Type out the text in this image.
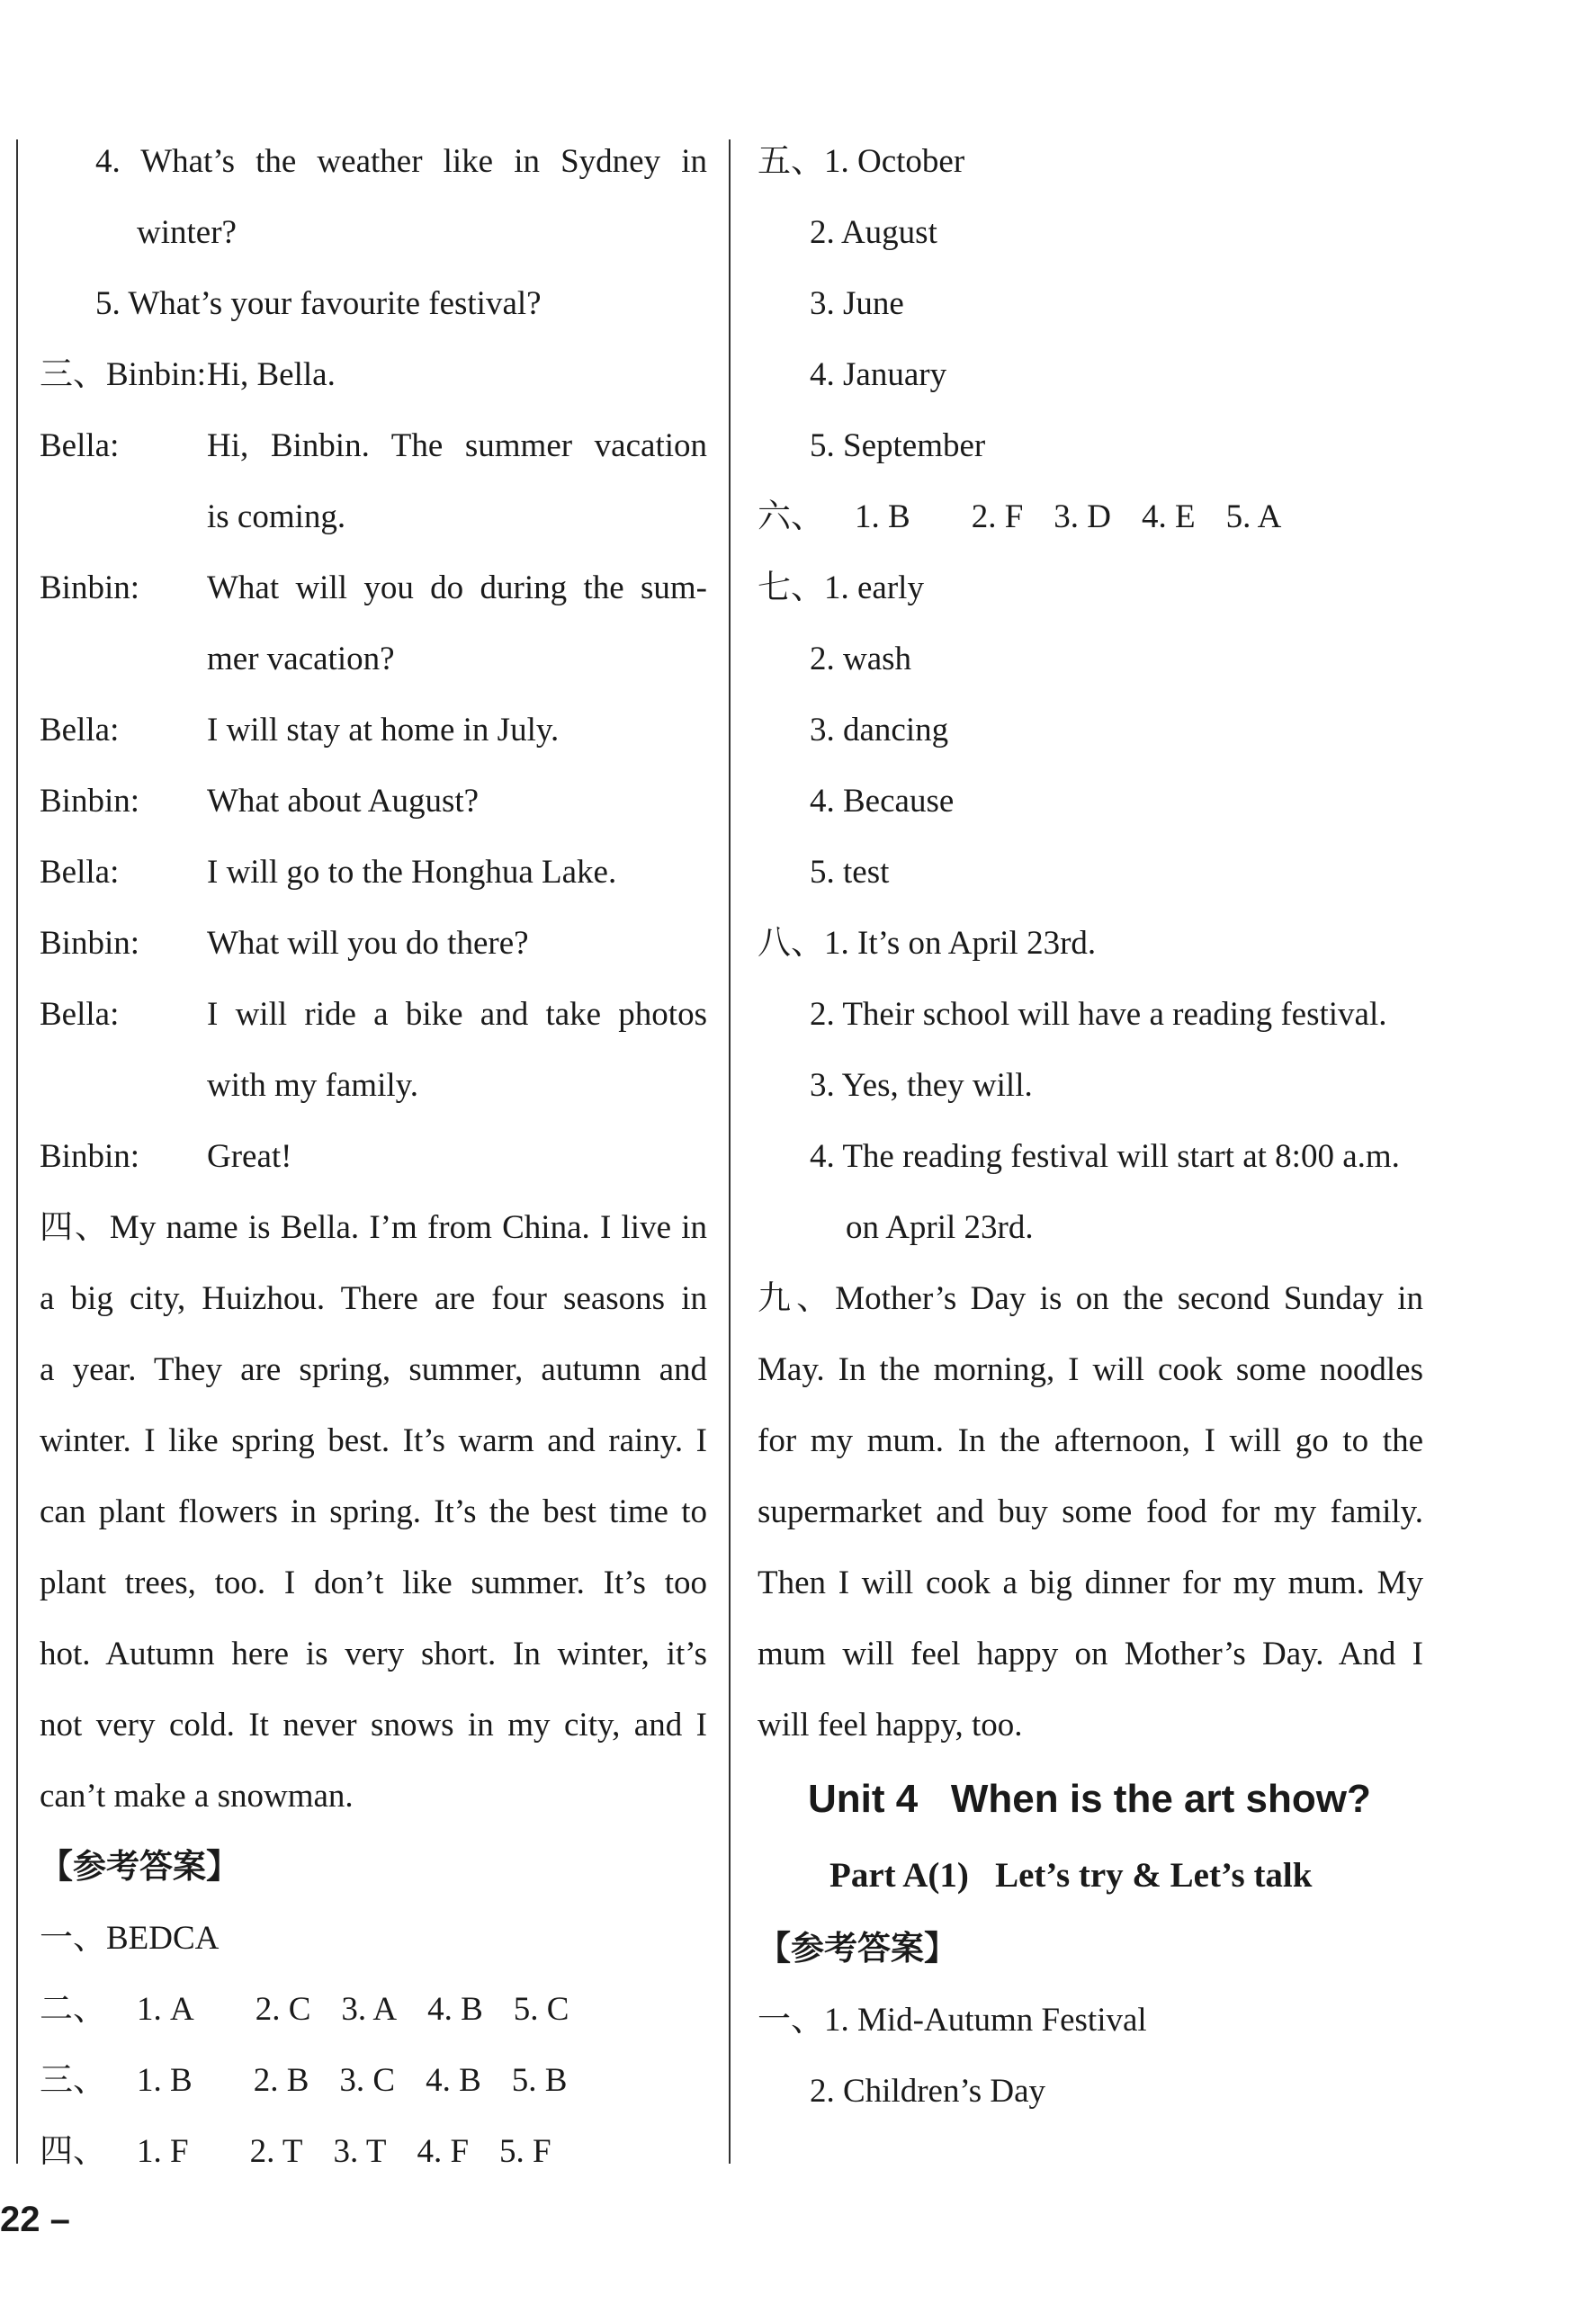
4. What’s the weather like in Sydney in
winter?
5. What’s your favourite festival?
三、Binbin: Hi, Bella.
Bella:	Hi, Binbin. The summer vacation
is coming.
Binbin:	What will you do during the sum-
mer vacation?
Bella:	I will stay at home in July.
Binbin:	What about August?
Bella:	I will go to the Honghua Lake.
Binbin:	What will you do there?
Bella:	I will ride a bike and take photos
with my family.
Binbin:	Great!
四、My name is Bella. I’m from China. I live in
a big city, Huizhou. There are four seasons in
a year. They are spring, summer, autumn and
winter. I like spring best. It’s warm and rainy. I
can plant flowers in spring. It’s the best time to
plant trees, too. I don’t like summer. It’s too
hot. Autumn here is very short. In winter, it’s
not very cold. It never snows in my city, and I
can’t make a snowman.
【参考答案】
一、BEDCA
二、 1. A	2. C 3. A 4. B 5. C
三、 1. B	2. B 3. C 4. B 5. B
四、 1. F	2. T 3. T 4. F 5. F
五、1. October
2. August
3. June
4. January
5. September
六、 1. B	2. F 3. D 4. E 5. A
七、1. early
2. wash
3. dancing
4. Because
5. test
八、1. It’s on April 23rd.
2. Their school will have a reading festival.
3. Yes, they will.
4. The reading festival will start at 8:00 a.m.
on April 23rd.
九、Mother’s Day is on the second Sunday in
May. In the morning, I will cook some noodles
for my mum. In the afternoon, I will go to the
supermarket and buy some food for my family.
Then I will cook a big dinner for my mum. My
mum will feel happy on Mother’s Day. And I
will feel happy, too.
Unit 4   When is the art show?
Part A(1)   Let’s try & Let’s talk
【参考答案】
一、1. Mid-Autumn Festival
2. Children’s Day
22 –
